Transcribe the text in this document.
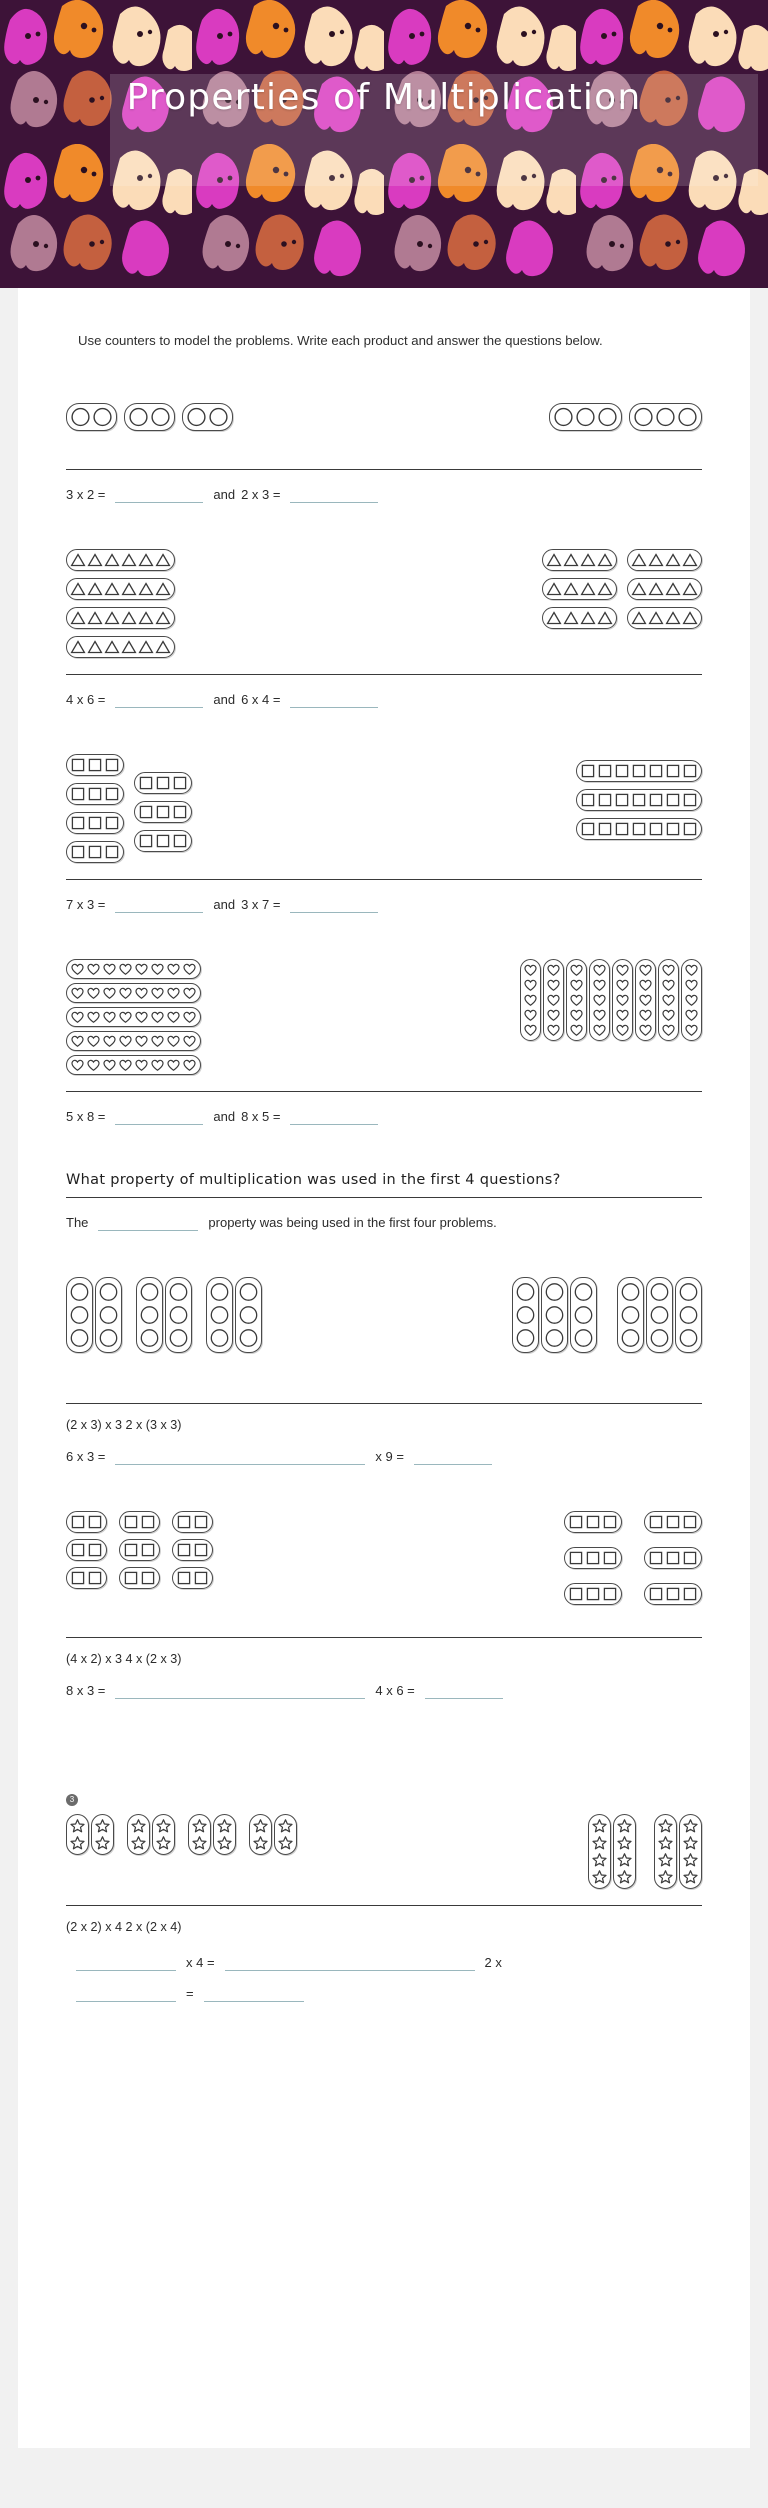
Properties of Multiplication

Use counters to model the problems. Write each product and answer the questions below.

3 x 2 =	and 2 x 3 =
4 x 6 =	and 6 x 4 =
7 x 3 =	and 3 x 7 =
5 x 8 =	and 8 x 5 =

What property of multiplication was used in the first 4 questions?

The	property was being used in the first four problems.
(2 x 3) x 3 2 x (3 x 3)
6 x 3 =	x 9 =
(4 x 2) x 3 4 x (2 x 3)
8 x 3 =	4 x 6 =
3
(2 x 2) x 4 2 x (2 x 4)
x 4 =	2 x
=
